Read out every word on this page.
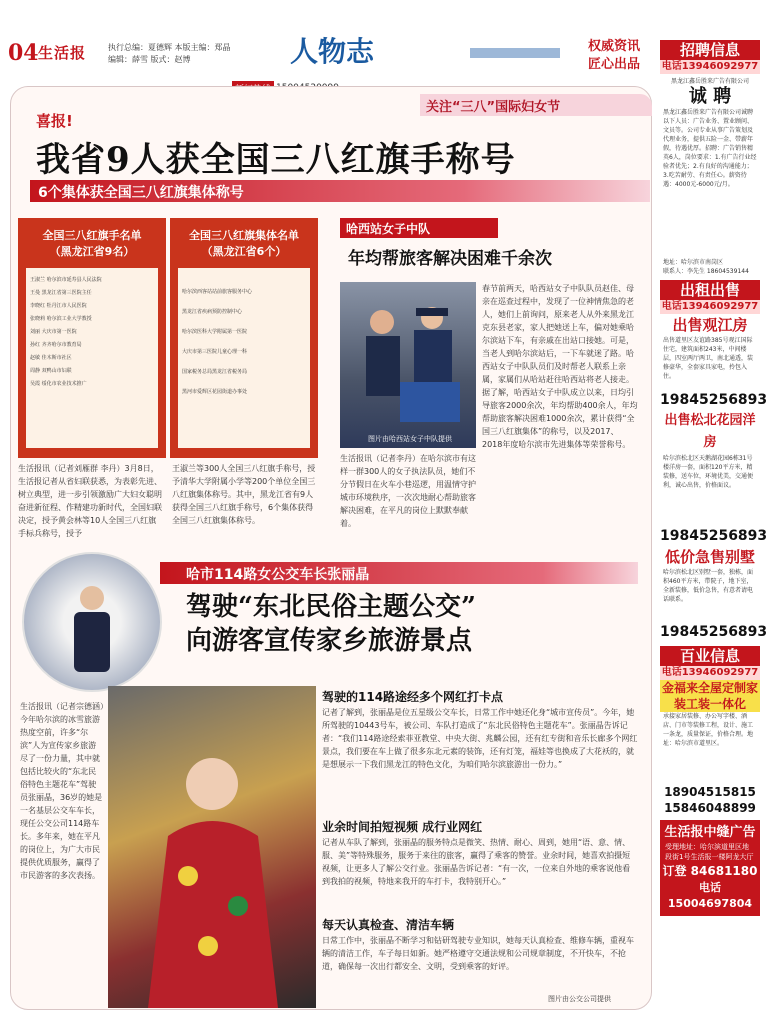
04 生活报	执行总编：夏德辉 本版主编：郑晶
编辑：薛雪 版式：赵博	人物志	权威资讯
匠心出品
关注“三八”国际妇女节
喜报!
我省9人获全国三八红旗手称号
6个集体获全国三八红旗集体称号
全国三八红旗手名单
（黑龙江省9名）
王淑兰 哈尔滨市延寿县人民法院
王曼 黑龙江省第三医院主任
李晓红 牡丹江市人民医院
张晓莉 哈尔滨工业大学教授
刘丽 大庆市第一医院
孙红 齐齐哈尔市教育局
赵敏 佳木斯市社区
周静 双鸭山市妇联
吴霞 绥化市农业技术推广
全国三八红旗集体名单
（黑龙江省6个）
哈尔滨西客站站前旅客服务中心
黑龙江省疾病预防控制中心
哈尔滨医科大学附属第一医院
大庆市第三医院儿童心理一科
国家税务总局黑龙江省税务局
黑河市爱辉区花园街道办事处
生活报讯（记者刘雁群 李丹）3月8日，生活报记者从省妇联获悉，为表彰先进、树立典型，进一步引领激励广大妇女聪明奋进新征程、作精建功新时代，全国妇联决定，授予黄会林等10人全国三八红旗手标兵称号，授予
王淑兰等300人全国三八红旗手称号，授予清华大学附属小学等200个单位全国三八红旗集体称号。其中，黑龙江省有9人获得全国三八红旗手称号，6个集体获得全国三八红旗集体称号。
哈西站女子中队
年均帮旅客解决困难千余次
图片由哈西站女子中队提供
生活报讯（记者李丹）在哈尔滨市有这样一群300人的女子执法队员，她们不分节假日在火车小巷巡逻，用温情守护城市环境秩序，一次次地耐心帮助旅客解决困难，在平凡的岗位上默默奉献着。
春节前两天，哈西站女子中队队员赵佳、母亲在巡查过程中，发现了一位神情焦急的老人，她们上前询问，原来老人从外来黑龙江克东县老家，家人把她送上车，偏对她乘哈尔滨站下车，有亲戚在出站口接她。可是，当老人到哈尔滨站后，一下车就迷了路。哈西站女子中队队员们及时帮老人联系上亲属，家属们从哈站赶往哈西站将老人接走。据了解，哈西站女子中队成立以来，日均引导旅客2000余次，年均帮助400余人，年均帮助旅客解决困难1000余次，累计获得“全国三八红旗集体”的称号，以及2017、2018年度哈尔滨市先进集体等荣誉称号。
哈市114路女公交车长张丽晶
驾驶“东北民俗主题公交”
向游客宣传家乡旅游景点
生活报讯（记者宗德涵）今年哈尔滨的冰雪旅游热度空前，许多“尔滨”人为宣传家乡旅游尽了一份力量，其中就包括比较火的“东北民俗特色主题花车”驾驶员张丽晶，36岁的她是一名基层公交车车长，现任公交公司114路车长。多年来，她在平凡的岗位上，为广大市民提供优质服务，赢得了市民游客的多次表扬。
驾驶的114路途经多个网红打卡点
记者了解到，张丽晶是位五星级公交车长，日常工作中她还化身“城市宣传员”。今年，她所驾驶的10443号车，被公司、车队打造成了“东北民俗特色主题花车”。张丽晶告诉记者：“我们114路途经索菲亚教堂、中央大街、兆麟公园，还有红专街和音乐长廊多个网红景点，我们要在车上做了很多东北元素的装饰，还有灯笼，福娃等也换成了大花袄的，就是想展示一下我们黑龙江的特色文化，为咱们哈尔滨旅游出一份力。”
业余时间拍短视频 成行业网红
记者从车队了解到，张丽晶的服务特点是微笑、热情、耐心、周到，她用“语、意、情、服、美”等特殊服务，服务于来往的旅客，赢得了乘客的赞誉。业余时间，她喜欢拍摄短视频，让更多人了解公交行业。张丽晶告诉记者：“有一次，一位来自外地的乘客说他看到我拍的视频，特地来我开的车打卡，我特别开心。”
每天认真检查、清洁车辆
日常工作中，张丽晶不断学习和钻研驾驶专业知识，她每天认真检查、维修车辆，重视车辆的清洁工作，车子每日如新。她严格遵守交通法规和公司规章制度，不开快车，不抢道，确保每一次出行都安全、文明，受到乘客的好评。
图片由公交公司提供
招聘信息
电话13946092977
黑龙江鑫岳胜来广告有限公司
诚 聘
黑龙江鑫岳胜来广告有限公司诚聘以下人员：广告业务、置业顾问、文员等。公司专业从事广告策划及代理业务，提供五险一金、带薪年假，待遇优厚。招聘：广告销售精英6人，岗位要求：1.有广告行业经验者优先；2.有良好的沟通能力；3.吃苦耐劳、有责任心。薪资待遇：4000元-6000元/月。
地址：哈尔滨市南岗区
联系人：李先生 18604539144
出租出售
电话13946092977
出售观江房
出售道里区友谊路385号观江国际住宅，建筑面积243米，中间楼层，四室两厅两卫，南北通透，装修豪华，全套家具家电，拎包入住。
19845256893
出售松北花园洋房
哈尔滨松北区天鹅湖花园6栋31号楼洋房一套，面积120平方米，精装修，送车位，环境优美，交通便利，诚心出售，价格面议。
19845256893
低价急售别墅
哈尔滨松北区别墅一套，独栋，面积460平方米，带院子，地下室，全新装修，低价急售，有意者请电话联系。
19845256893
百业信息
电话13946092977
金福来全屋定制家装工装一体化
承接家居装修、办公写字楼、酒店、门市等装修工程，设计、施工一条龙，质量保证，价格合理。地址：哈尔滨市道里区。
18904515815
15846048899
生活报中缝广告
受理地址：哈尔滨道里区地段街1号生活报一楼阿龙大厅
订登 84681180
电话 15004697804
